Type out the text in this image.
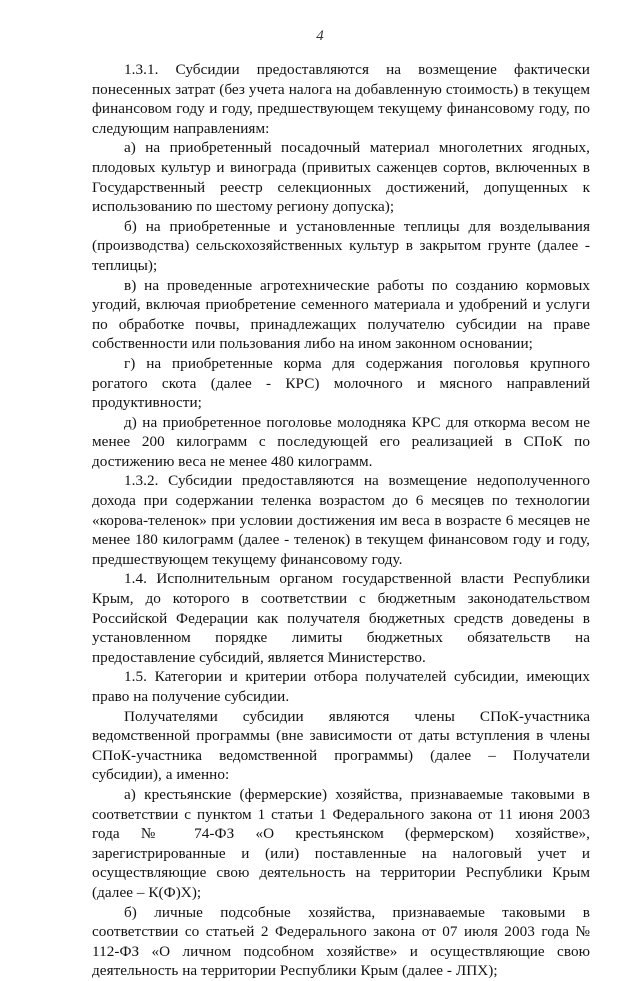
4

1.3.1. Субсидии предоставляются на возмещение фактически понесенных затрат (без учета налога на добавленную стоимость) в текущем финансовом году и году, предшествующем текущему финансовому году, по следующим направлениям:

а) на приобретенный посадочный материал многолетних ягодных, плодовых культур и винограда (привитых саженцев сортов, включенных в Государственный реестр селекционных достижений, допущенных к использованию по шестому региону допуска);

б) на приобретенные и установленные теплицы для возделывания (производства) сельскохозяйственных культур в закрытом грунте (далее - теплицы);

в) на проведенные агротехнические работы по созданию кормовых угодий, включая приобретение семенного материала и удобрений и услуги по обработке почвы, принадлежащих получателю субсидии на праве собственности или пользования либо на ином законном основании;

г) на приобретенные корма для содержания поголовья крупного рогатого скота (далее - КРС) молочного и мясного направлений продуктивности;

д) на приобретенное поголовье молодняка КРС для откорма весом не менее 200 килограмм с последующей его реализацией в СПоК по достижению веса не менее 480 килограмм.

1.3.2. Субсидии предоставляются на возмещение недополученного дохода при содержании теленка возрастом до 6 месяцев по технологии «корова-теленок» при условии достижения им веса в возрасте 6 месяцев не менее 180 килограмм (далее - теленок) в текущем финансовом году и году, предшествующем текущему финансовому году.

1.4. Исполнительным органом государственной власти Республики Крым, до которого в соответствии с бюджетным законодательством Российской Федерации как получателя бюджетных средств доведены в установленном порядке лимиты бюджетных обязательств на предоставление субсидий, является Министерство.

1.5. Категории и критерии отбора получателей субсидии, имеющих право на получение субсидии.

Получателями субсидии являются члены СПоК-участника ведомственной программы (вне зависимости от даты вступления в члены СПоК-участника ведомственной программы) (далее – Получатели субсидии), а именно:

а) крестьянские (фермерские) хозяйства, признаваемые таковыми в соответствии с пунктом 1 статьи 1 Федерального закона от 11 июня 2003 года № 74-ФЗ «О крестьянском (фермерском) хозяйстве», зарегистрированные и (или) поставленные на налоговый учет и осуществляющие свою деятельность на территории Республики Крым (далее – К(Ф)Х);

б) личные подсобные хозяйства, признаваемые таковыми в соответствии со статьей 2 Федерального закона от 07 июля 2003 года № 112-ФЗ «О личном подсобном хозяйстве» и осуществляющие свою деятельность на территории Республики Крым (далее - ЛПХ);
